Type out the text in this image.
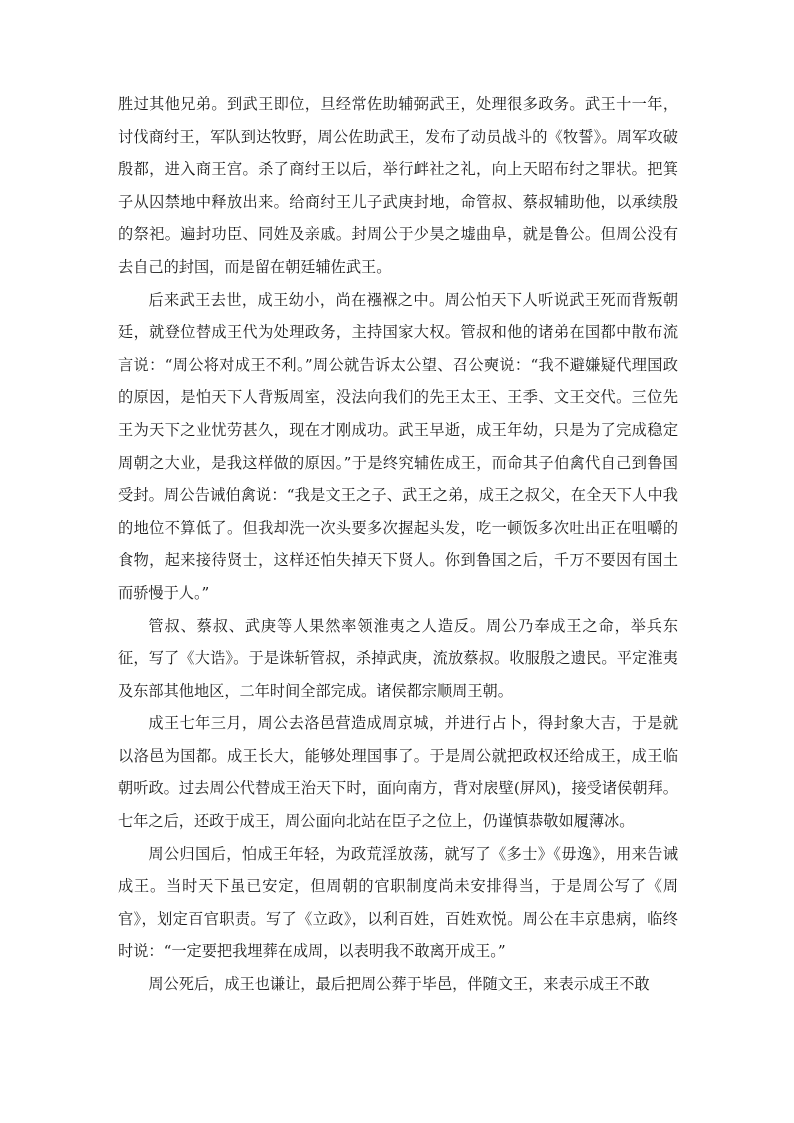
胜过其他兄弟。到武王即位，旦经常佐助辅弼武王，处理很多政务。武王十一年，讨伐商纣王，军队到达牧野，周公佐助武王，发布了动员战斗的《牧誓》。周军攻破殷都，进入商王宫。杀了商纣王以后，举行衅社之礼，向上天昭布纣之罪状。把箕子从囚禁地中释放出来。给商纣王儿子武庚封地，命管叔、蔡叔辅助他，以承续殷的祭祀。遍封功臣、同姓及亲戚。封周公于少昊之墟曲阜，就是鲁公。但周公没有去自己的封国，而是留在朝廷辅佐武王。

后来武王去世，成王幼小，尚在襁褓之中。周公怕天下人听说武王死而背叛朝廷，就登位替成王代为处理政务，主持国家大权。管叔和他的诸弟在国都中散布流言说：“周公将对成王不利。”周公就告诉太公望、召公奭说：“我不避嫌疑代理国政的原因，是怕天下人背叛周室，没法向我们的先王太王、王季、文王交代。三位先王为天下之业忧劳甚久，现在才刚成功。武王早逝，成王年幼，只是为了完成稳定周朝之大业，是我这样做的原因。”于是终究辅佐成王，而命其子伯禽代自己到鲁国受封。周公告诫伯禽说：“我是文王之子、武王之弟，成王之叔父，在全天下人中我的地位不算低了。但我却洗一次头要多次握起头发，吃一顿饭多次吐出正在咀嚼的食物，起来接待贤士，这样还怕失掉天下贤人。你到鲁国之后，千万不要因有国土而骄慢于人。”

管叔、蔡叔、武庚等人果然率领淮夷之人造反。周公乃奉成王之命，举兵东征，写了《大诰》。于是诛斩管叔，杀掉武庚，流放蔡叔。收服殷之遗民。平定淮夷及东部其他地区，二年时间全部完成。诸侯都宗顺周王朝。

成王七年三月，周公去洛邑营造成周京城，并进行占卜，得封象大吉，于是就以洛邑为国都。成王长大，能够处理国事了。于是周公就把政权还给成王，成王临朝听政。过去周公代替成王治天下时，面向南方，背对扆壁(屏风)，接受诸侯朝拜。七年之后，还政于成王，周公面向北站在臣子之位上，仍谨慎恭敬如履薄冰。

周公归国后，怕成王年轻，为政荒淫放荡，就写了《多士》《毋逸》，用来告诫成王。当时天下虽已安定，但周朝的官职制度尚未安排得当，于是周公写了《周官》，划定百官职责。写了《立政》，以利百姓，百姓欢悦。周公在丰京患病，临终时说：“一定要把我埋葬在成周，以表明我不敢离开成王。”

周公死后，成王也谦让，最后把周公葬于毕邑，伴随文王，来表示成王不敢
